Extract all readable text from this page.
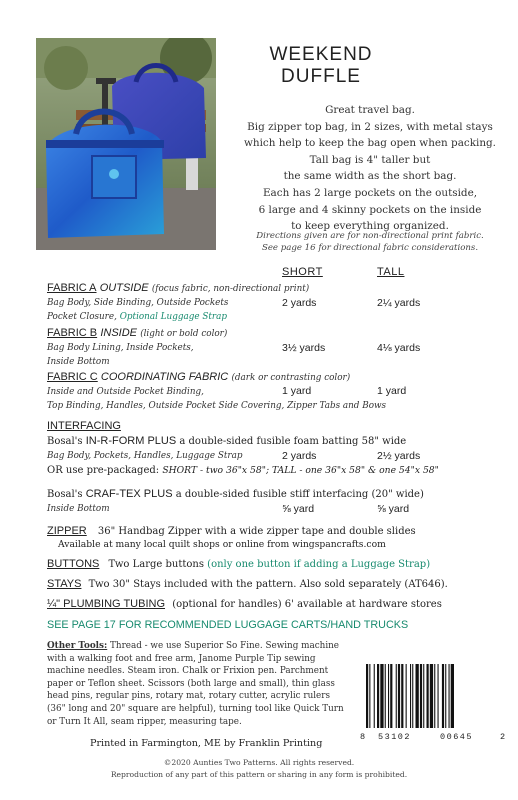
WEEKEND
DUFFLE
Great travel bag.
Big zipper top bag, in 2 sizes, with metal stays
which help to keep the bag open when packing.
Tall bag is 4" taller but
the same width as the short bag.
Each has 2 large pockets on the outside,
6 large and 4 skinny pockets on the inside
to keep everything organized.
Directions given are for non-directional print fabric.
See page 16 for directional fabric considerations.
SHORT	TALL
FABRIC A OUTSIDE (focus fabric, non-directional print)
Bag Body, Side Binding, Outside Pockets
Pocket Closure, Optional Luggage Strap
2 yards	2¼ yards
FABRIC B INSIDE (light or bold color)
Bag Body Lining, Inside Pockets,
Inside Bottom
3½ yards	4⅛ yards
FABRIC C COORDINATING FABRIC (dark or contrasting color)
Inside and Outside Pocket Binding,
Top Binding, Handles, Outside Pocket Side Covering, Zipper Tabs and Bows
1 yard	1 yard
INTERFACING
Bosal's IN-R-FORM PLUS a double-sided fusible foam batting 58" wide
Bag Body, Pockets, Handles, Luggage Strap	2 yards	2½ yards
OR use pre-packaged: SHORT - two 36"x 58"; TALL - one 36"x 58" & one 54"x 58"
Bosal's CRAF-TEX PLUS a double-sided fusible stiff interfacing (20" wide)
Inside Bottom	⅝ yard	⅝ yard
ZIPPER 36" Handbag Zipper with a wide zipper tape and double slides
Available at many local quilt shops or online from wingspancrafts.com
BUTTONS Two Large buttons (only one button if adding a Luggage Strap)
STAYS Two 30" Stays included with the pattern. Also sold separately (AT646).
¼" PLUMBING TUBING (optional for handles) 6' available at hardware stores
SEE PAGE 17 FOR RECOMMENDED LUGGAGE CARTS/HAND TRUCKS
Other Tools: Thread - we use Superior So Fine. Sewing machine with a walking foot and free arm, Janome Purple Tip sewing machine needles. Steam iron. Chalk or Frixion pen. Parchment paper or Teflon sheet. Scissors (both large and small), thin glass head pins, regular pins, rotary mat, rotary cutter, acrylic rulers (36" long and 20" square are helpful), turning tool like Quick Turn or Turn It All, seam ripper, measuring tape.
8 53102	00645	2
Printed in Farmington, ME by Franklin Printing
©2020 Aunties Two Patterns. All rights reserved.
Reproduction of any part of this pattern or sharing in any form is prohibited.
